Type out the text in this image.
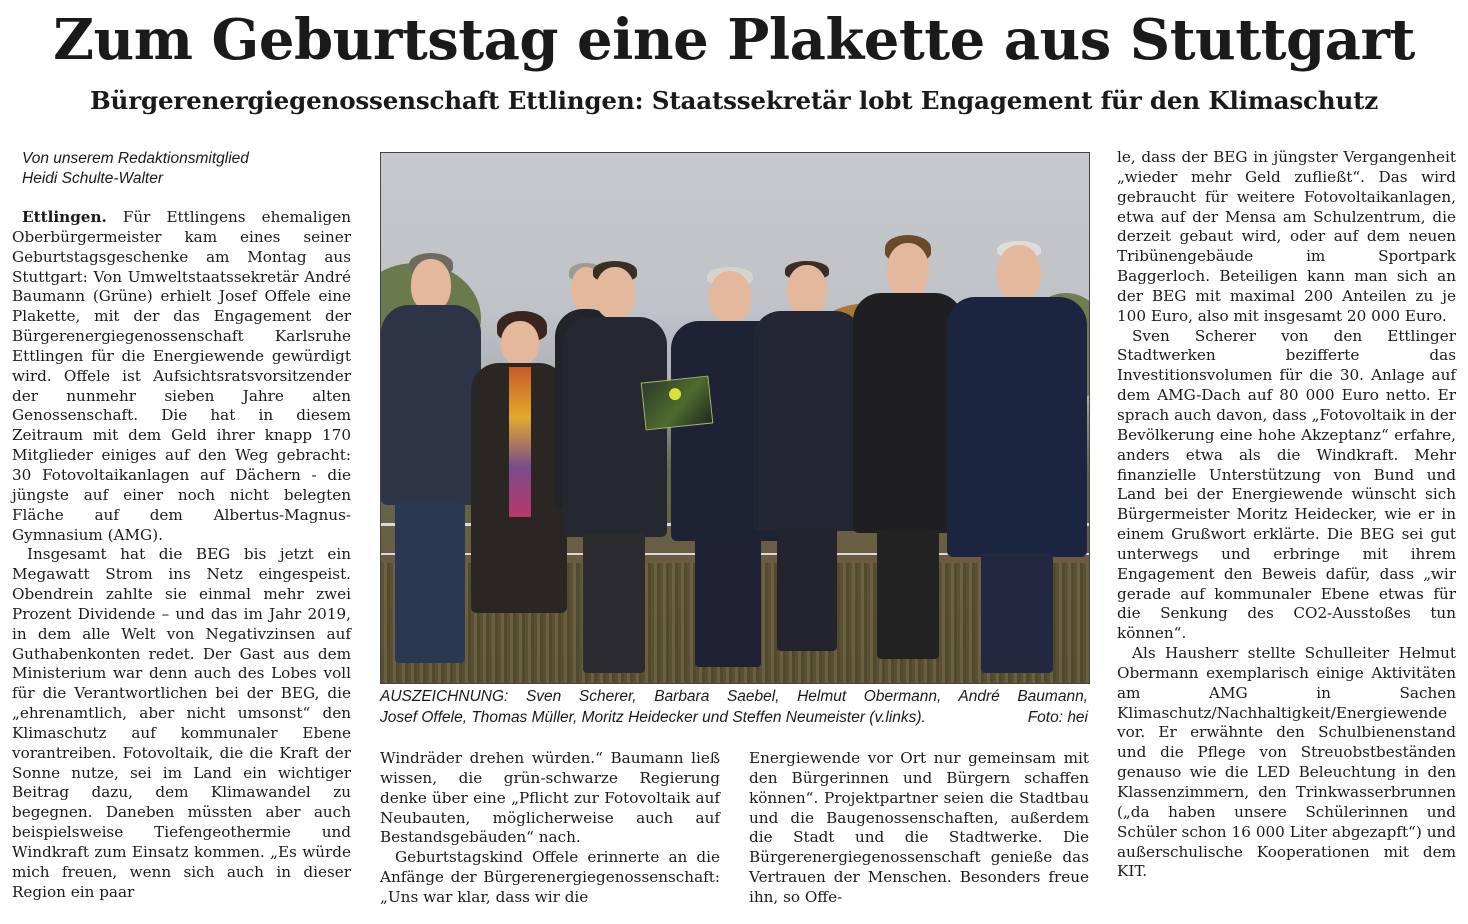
Zum Geburtstag eine Plakette aus Stuttgart
Bürgerenergiegenossenschaft Ettlingen: Staatssekretär lobt Engagement für den Klimaschutz
Von unserem Redaktionsmitglied
Heidi Schulte-Walter

Ettlingen. Für Ettlingens ehemaligen Oberbürgermeister kam eines seiner Geburtstagsgeschenke am Montag aus Stuttgart: Von Umweltstaatssekretär André Baumann (Grüne) erhielt Josef Offele eine Plakette, mit der das Engagement der Bürgerenergiegenossenschaft Karlsruhe Ettlingen für die Energiewende gewürdigt wird. Offele ist Aufsichtsratsvorsitzender der nunmehr sieben Jahre alten Genossenschaft. Die hat in diesem Zeitraum mit dem Geld ihrer knapp 170 Mitglieder einiges auf den Weg gebracht: 30 Fotovoltaikanlagen auf Dächern - die jüngste auf einer noch nicht belegten Fläche auf dem Albertus-Magnus-Gymnasium (AMG).

Insgesamt hat die BEG bis jetzt ein Megawatt Strom ins Netz eingespeist. Obendrein zahlte sie einmal mehr zwei Prozent Dividende – und das im Jahr 2019, in dem alle Welt von Negativzinsen auf Guthabenkonten redet. Der Gast aus dem Ministerium war denn auch des Lobes voll für die Verantwortlichen bei der BEG, die „ehrenamtlich, aber nicht umsonst“ den Klimaschutz auf kommunaler Ebene vorantreiben. Fotovoltaik, die die Kraft der Sonne nutze, sei im Land ein wichtiger Beitrag dazu, dem Klimawandel zu begegnen. Daneben müssten aber auch beispielsweise Tiefengeothermie und Windkraft zum Einsatz kommen. „Es würde mich freuen, wenn sich auch in dieser Region ein paar

AUSZEICHNUNG: Sven Scherer, Barbara Saebel, Helmut Obermann, André Baumann,
Josef Offele, Thomas Müller, Moritz Heidecker und Steffen Neumeister (v.links).	Foto: hei

Windräder drehen würden.“ Baumann ließ wissen, die grün-schwarze Regierung denke über eine „Pflicht zur Fotovoltaik auf Neubauten, möglicherweise auch auf Bestandsgebäuden“ nach.

Geburtstagskind Offele erinnerte an die Anfänge der Bürgerenergiegenossenschaft: „Uns war klar, dass wir die

Energiewende vor Ort nur gemeinsam mit den Bürgerinnen und Bürgern schaffen können“. Projektpartner seien die Stadtbau und die Baugenossenschaften, außerdem die Stadt und die Stadtwerke. Die Bürgerenergiegenossenschaft genieße das Vertrauen der Menschen. Besonders freue ihn, so Offe-

le, dass der BEG in jüngster Vergangenheit „wieder mehr Geld zufließt“. Das wird gebraucht für weitere Fotovoltaikanlagen, etwa auf der Mensa am Schulzentrum, die derzeit gebaut wird, oder auf dem neuen Tribünengebäude im Sportpark Baggerloch. Beteiligen kann man sich an der BEG mit maximal 200 Anteilen zu je 100 Euro, also mit insgesamt 20 000 Euro.

Sven Scherer von den Ettlinger Stadtwerken bezifferte das Investitionsvolumen für die 30. Anlage auf dem AMG-Dach auf 80 000 Euro netto. Er sprach auch davon, dass „Fotovoltaik in der Bevölkerung eine hohe Akzeptanz“ erfahre, anders etwa als die Windkraft. Mehr finanzielle Unterstützung von Bund und Land bei der Energiewende wünscht sich Bürgermeister Moritz Heidecker, wie er in einem Grußwort erklärte. Die BEG sei gut unterwegs und erbringe mit ihrem Engagement den Beweis dafür, dass „wir gerade auf kommunaler Ebene etwas für die Senkung des CO2-Ausstoßes tun können“.

Als Hausherr stellte Schulleiter Helmut Obermann exemplarisch einige Aktivitäten am AMG in Sachen Klimaschutz/Nachhaltigkeit/Energiewende vor. Er erwähnte den Schulbienenstand und die Pflege von Streuobstbeständen genauso wie die LED Beleuchtung in den Klassenzimmern, den Trinkwasserbrunnen („da haben unsere Schülerinnen und Schüler schon 16 000 Liter abgezapft“) und außerschulische Kooperationen mit dem KIT.
